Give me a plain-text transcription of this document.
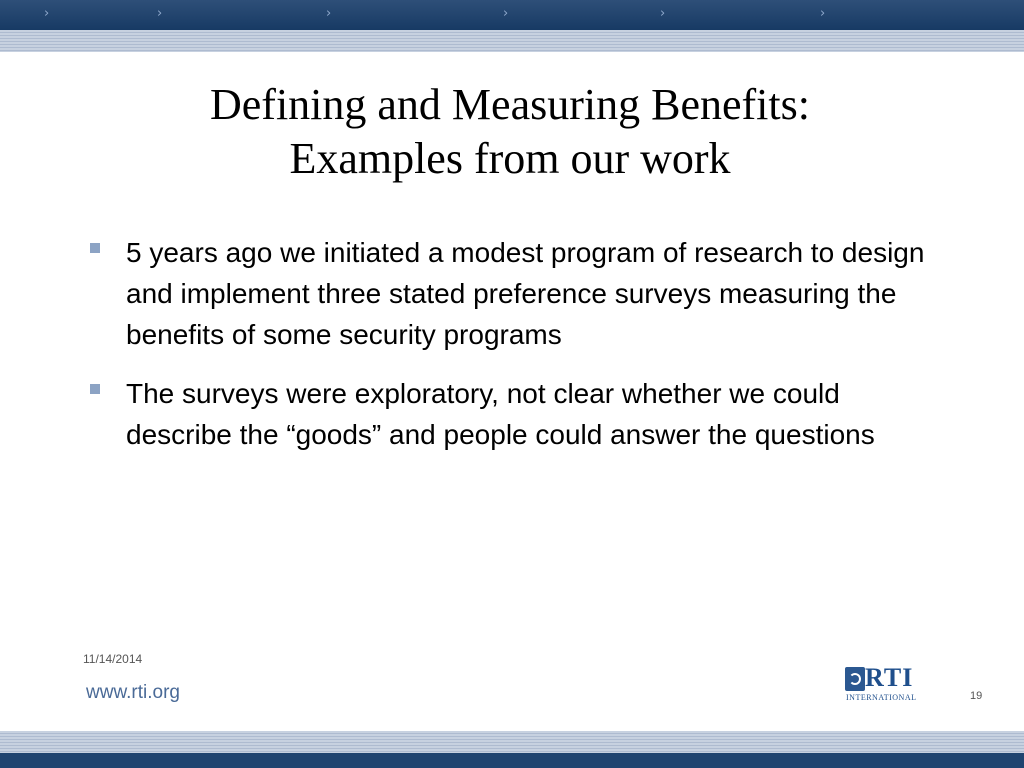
›	›	›	›	›	›
Defining and Measuring Benefits:
Examples from our work
5 years ago we initiated a modest program of research to design and implement three stated preference surveys measuring the benefits of some security programs
The surveys were exploratory, not clear whether we could describe the “goods” and people could answer the questions
11/14/2014
www.rti.org
RTI
INTERNATIONAL	19
